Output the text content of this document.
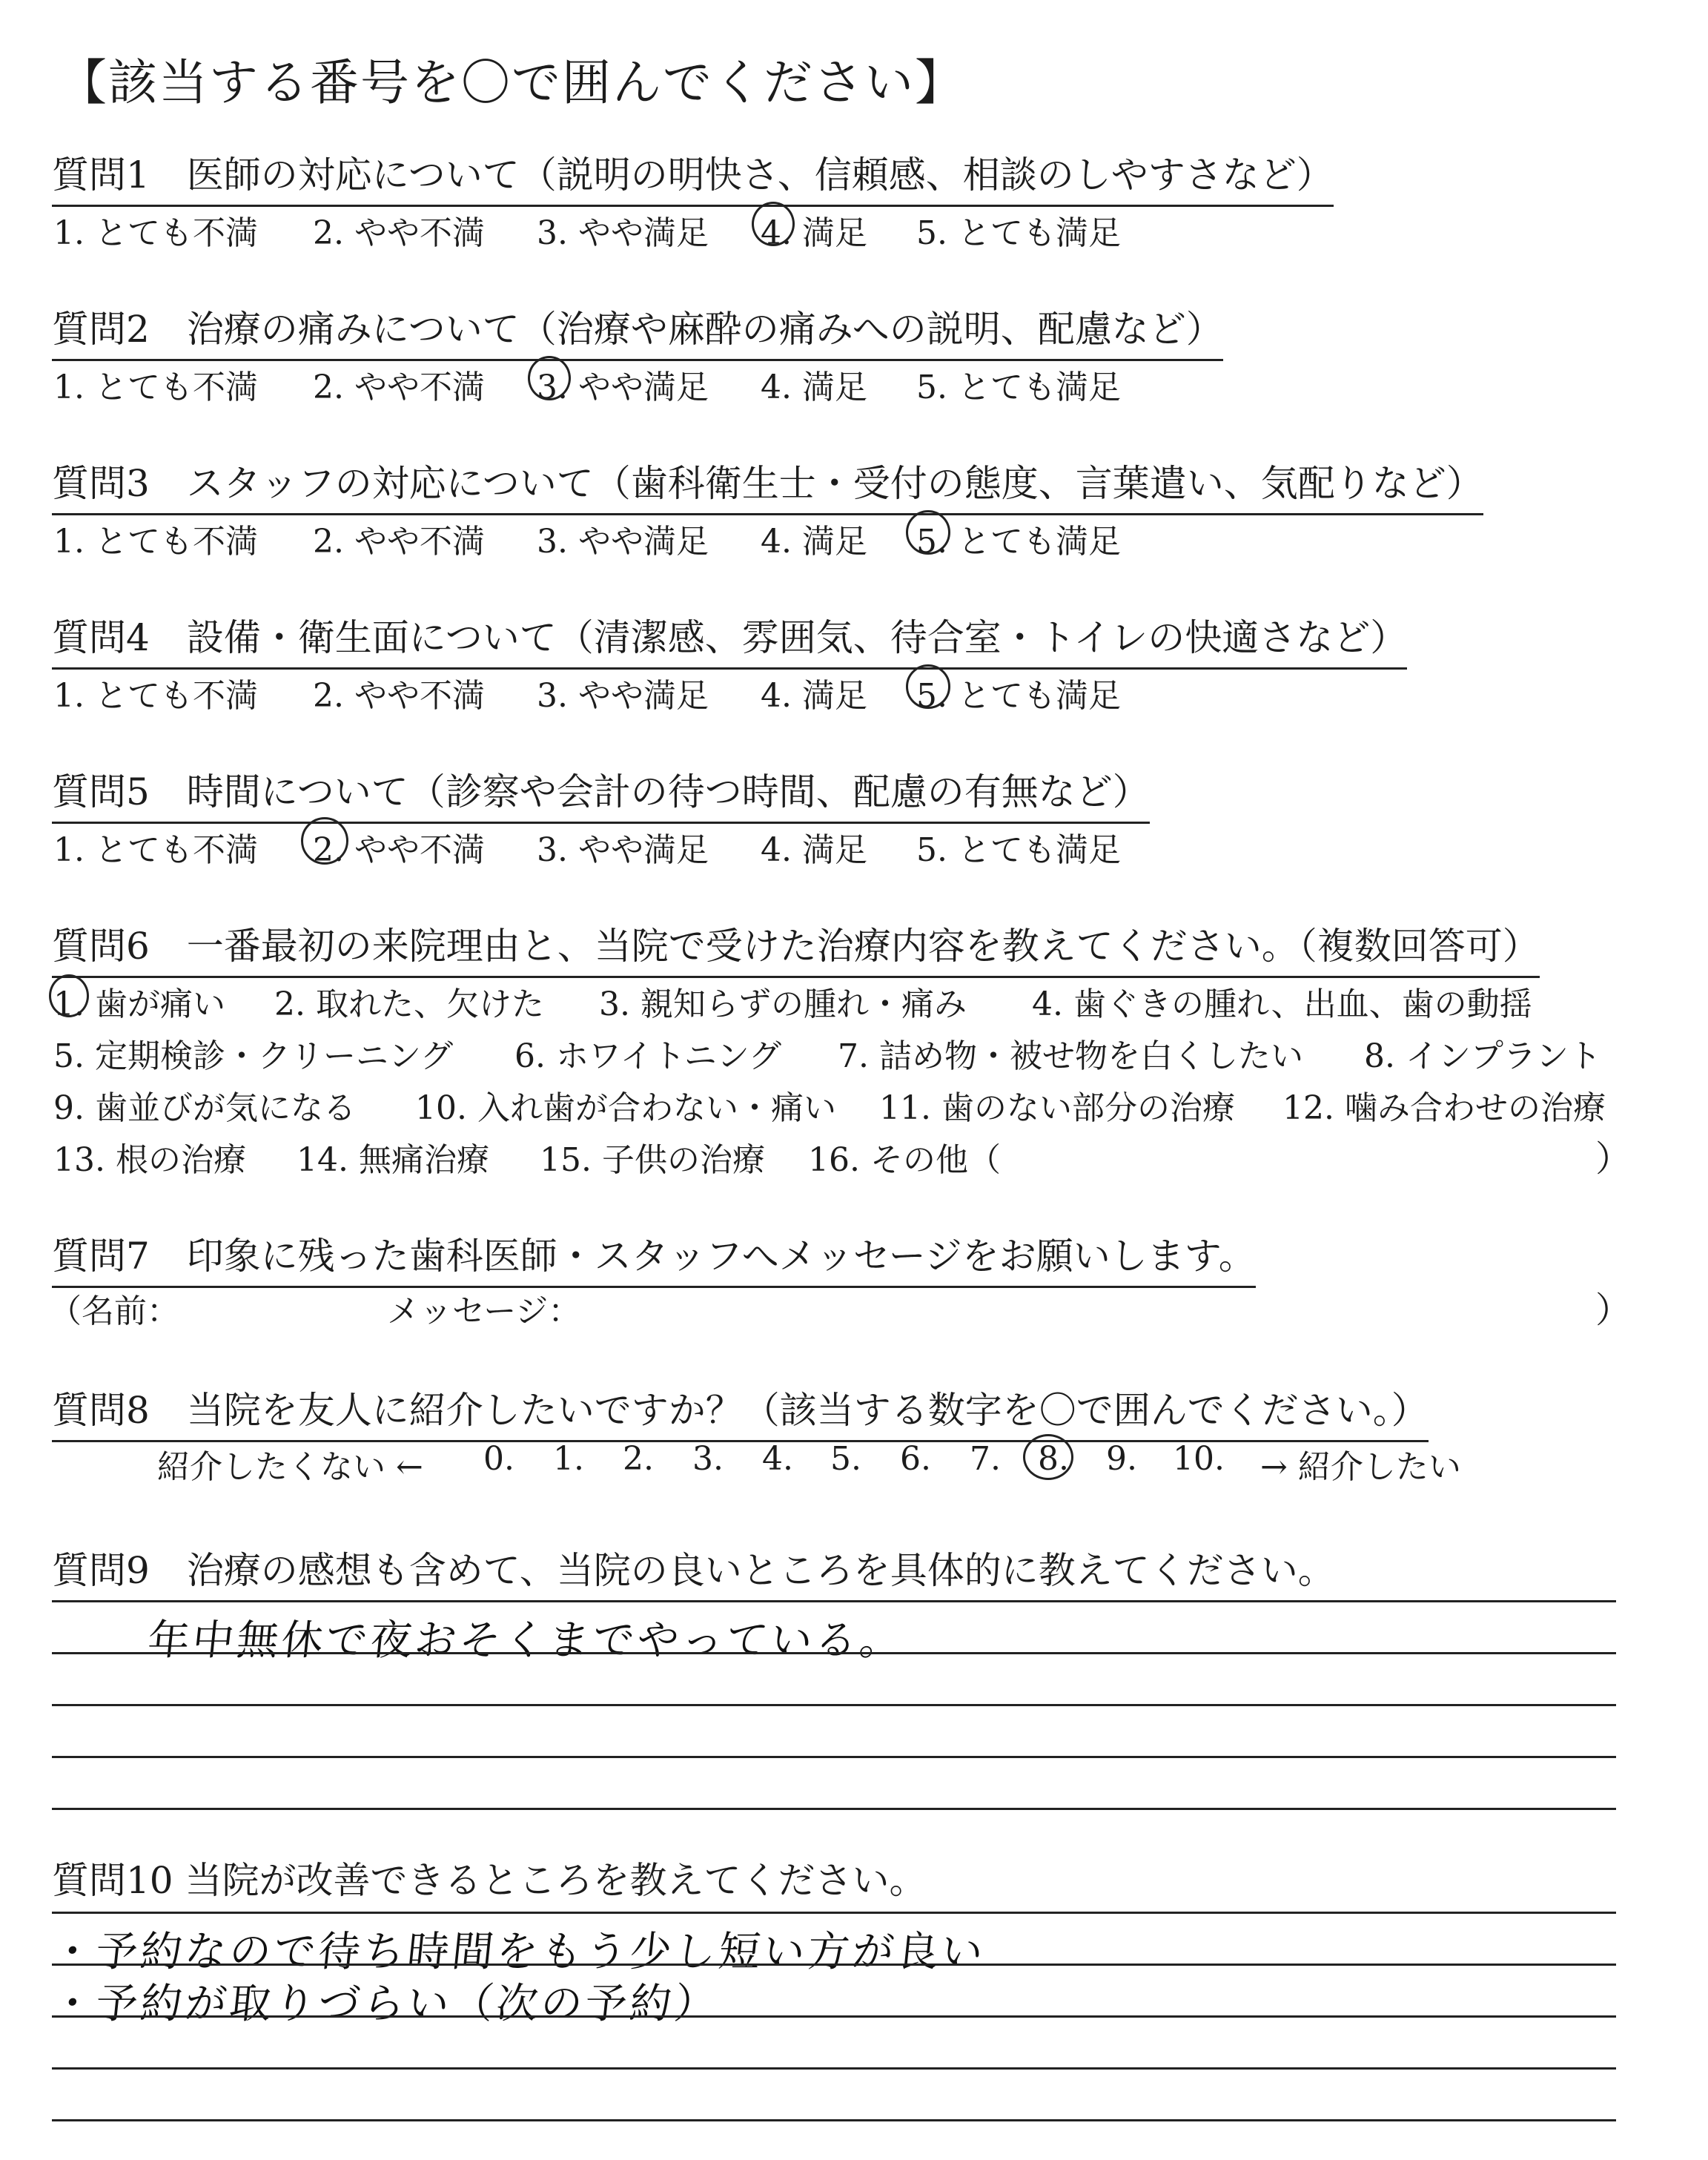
【該当する番号を〇で囲んでください】
質問1　医師の対応について（説明の明快さ、信頼感、相談のしやすさなど）
1. とても不満 2. やや不満 3. やや満足 4. 満足 5. とても満足
質問2　治療の痛みについて（治療や麻酔の痛みへの説明、配慮など）
1. とても不満 2. やや不満 3. やや満足 4. 満足 5. とても満足
質問3　スタッフの対応について（歯科衛生士・受付の態度、言葉遣い、気配りなど）
1. とても不満 2. やや不満 3. やや満足 4. 満足 5. とても満足
質問4　設備・衛生面について（清潔感、雰囲気、待合室・トイレの快適さなど）
1. とても不満 2. やや不満 3. やや満足 4. 満足 5. とても満足
質問5　時間について（診察や会計の待つ時間、配慮の有無など）
1. とても不満 2. やや不満 3. やや満足 4. 満足 5. とても満足
質問6　一番最初の来院理由と、当院で受けた治療内容を教えてください。（複数回答可）
1. 歯が痛い 2. 取れた、欠けた 3. 親知らずの腫れ・痛み 4. 歯ぐきの腫れ、出血、歯の動揺
5. 定期検診・クリーニング 6. ホワイトニング 7. 詰め物・被せ物を白くしたい 8. インプラント
9. 歯並びが気になる 10. 入れ歯が合わない・痛い 11. 歯のない部分の治療 12. 噛み合わせの治療
13. 根の治療 14. 無痛治療 15. 子供の治療 16. その他（	）
質問7　印象に残った歯科医師・スタッフへメッセージをお願いします。
（名前：	メッセージ：	）
質問8　当院を友人に紹介したいですか？（該当する数字を〇で囲んでください。）
紹介したくない ← 0. 1. 2. 3. 4. 5. 6. 7. 8. 9. 10. → 紹介したい
質問9　治療の感想も含めて、当院の良いところを具体的に教えてください。
年中無休で夜おそくまでやっている。
質問10 当院が改善できるところを教えてください。
・予約なので待ち時間をもう少し短い方が良い
・予約が取りづらい（次の予約）
